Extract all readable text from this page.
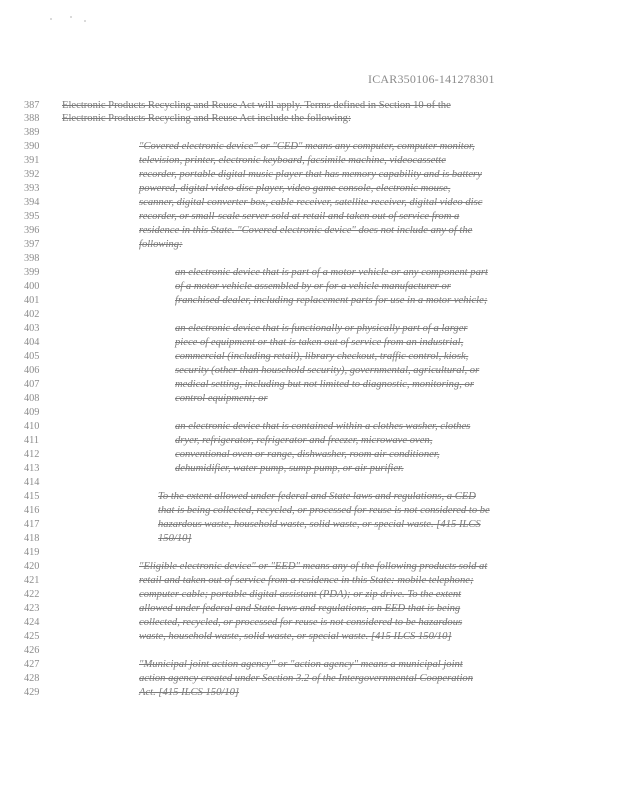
ICAR350106-141278301
387	Electronic Products Recycling and Reuse Act will apply. Terms defined in Section 10 of the
388	Electronic Products Recycling and Reuse Act include the following:
389
390	"Covered electronic device" or "CED" means any computer, computer monitor,
391	television, printer, electronic keyboard, facsimile machine, videocassette
392	recorder, portable digital music player that has memory capability and is battery
393	powered, digital video disc player, video game console, electronic mouse,
394	scanner, digital converter box, cable receiver, satellite receiver, digital video disc
395	recorder, or small-scale server sold at retail and taken out of service from a
396	residence in this State. "Covered electronic device" does not include any of the
397	following:
398
399	an electronic device that is part of a motor vehicle or any component part
400	of a motor vehicle assembled by or for a vehicle manufacturer or
401	franchised dealer, including replacement parts for use in a motor vehicle;
402
403	an electronic device that is functionally or physically part of a larger
404	piece of equipment or that is taken out of service from an industrial,
405	commercial (including retail), library checkout, traffic control, kiosk,
406	security (other than household security), governmental, agricultural, or
407	medical setting, including but not limited to diagnostic, monitoring, or
408	control equipment; or
409
410	an electronic device that is contained within a clothes washer, clothes
411	dryer, refrigerator, refrigerator and freezer, microwave oven,
412	conventional oven or range, dishwasher, room air conditioner,
413	dehumidifier, water pump, sump pump, or air purifier.
414
415	To the extent allowed under federal and State laws and regulations, a CED
416	that is being collected, recycled, or processed for reuse is not considered to be
417	hazardous waste, household waste, solid waste, or special waste. [415 ILCS
418	150/10]
419
420	"Eligible electronic device" or "EED" means any of the following products sold at
421	retail and taken out of service from a residence in this State: mobile telephone;
422	computer cable; portable digital assistant (PDA); or zip drive. To the extent
423	allowed under federal and State laws and regulations, an EED that is being
424	collected, recycled, or processed for reuse is not considered to be hazardous
425	waste, household waste, solid waste, or special waste. [415 ILCS 150/10]
426
427	"Municipal joint action agency" or "action agency" means a municipal joint
428	action agency created under Section 3.2 of the Intergovernmental Cooperation
429	Act. [415 ILCS 150/10]
